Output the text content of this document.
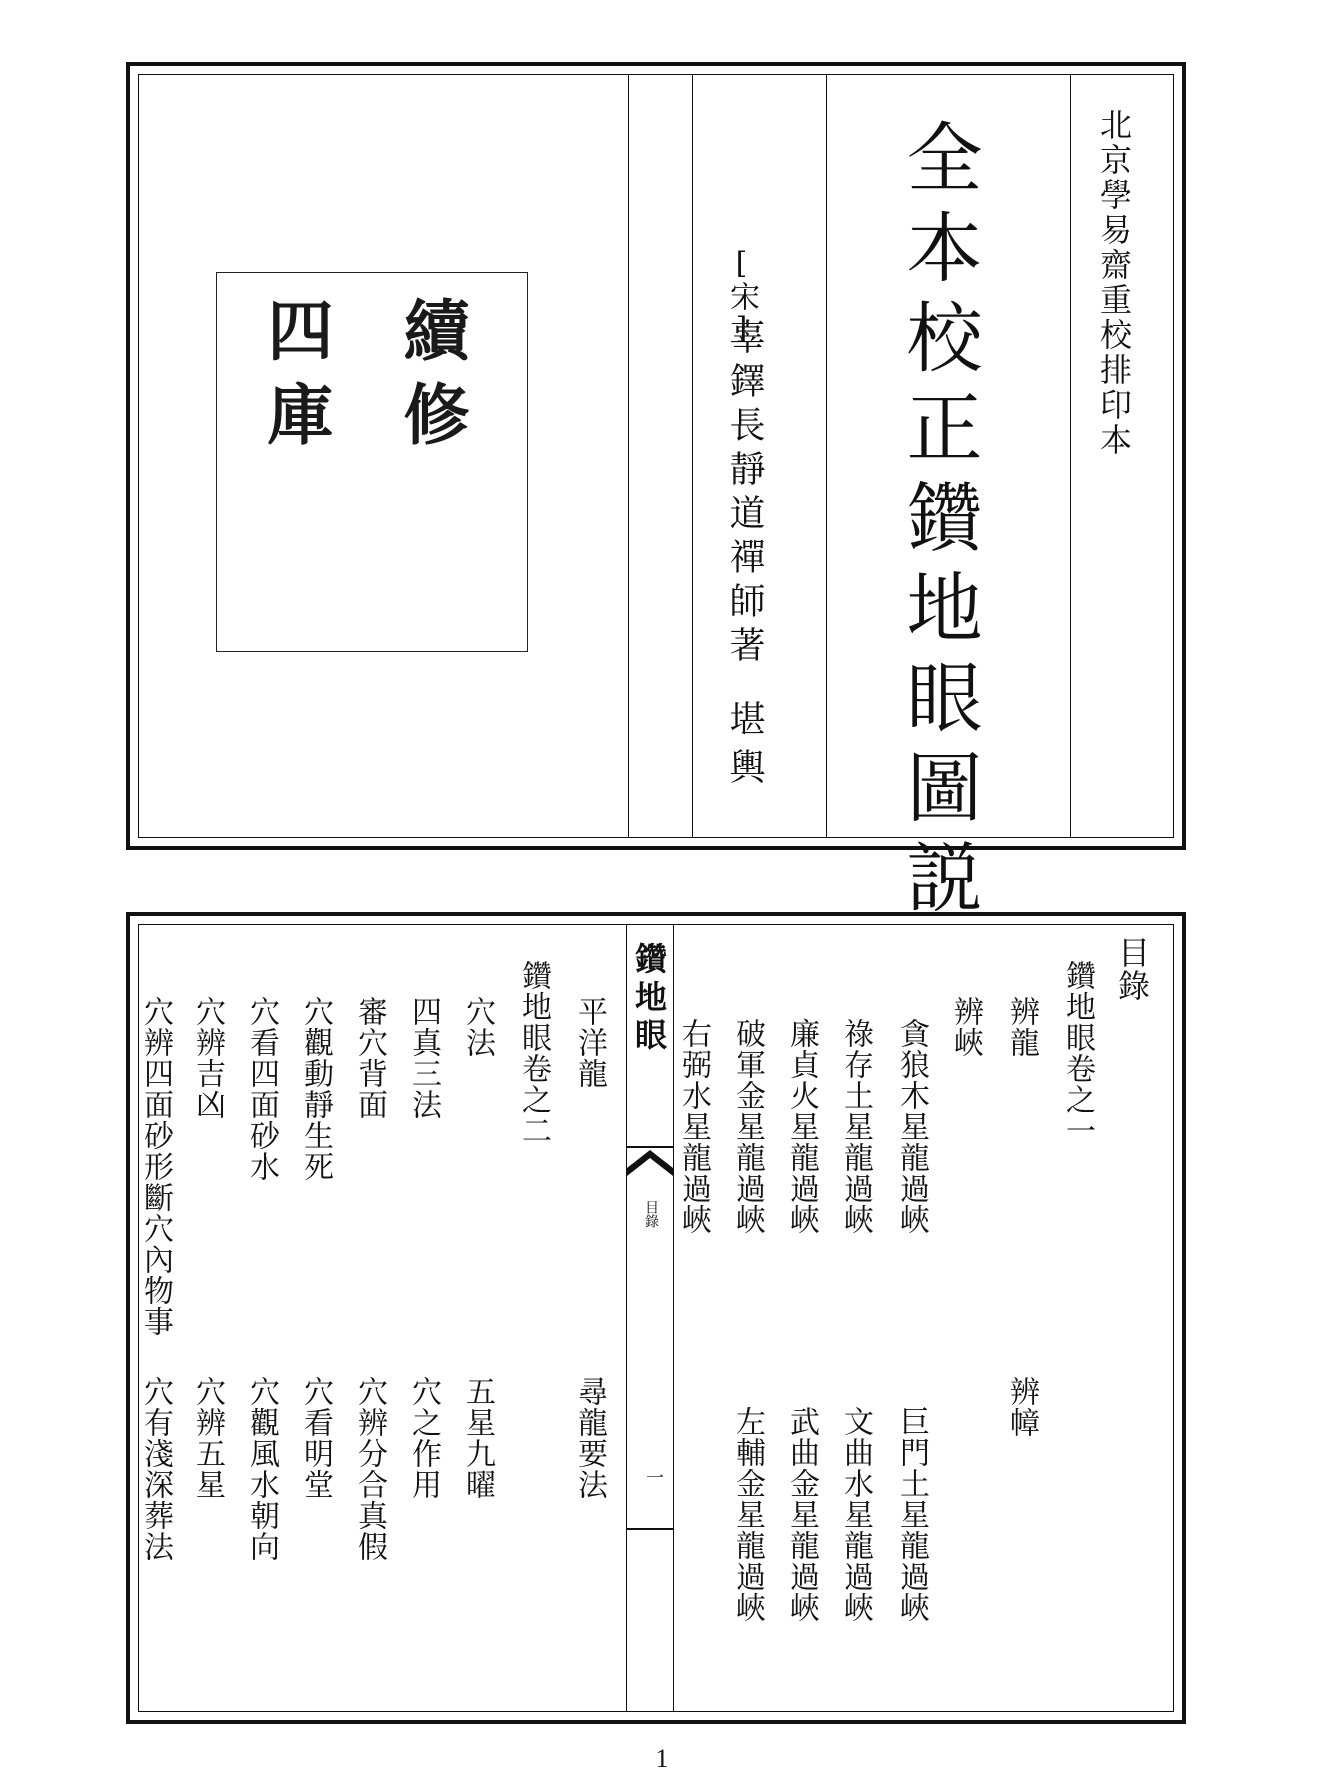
北京學易齋重校排印本
全本校正鑽地眼圖説
[宋]
辜鐸長靜道禪師著
堪輿
續修
四庫
鑽地眼
目錄
一
目錄
鑽地眼卷之一
辨龍
辨峽
辨幛
貪狼木星龍過峽
巨門土星龍過峽
祿存土星龍過峽
文曲水星龍過峽
廉貞火星龍過峽
武曲金星龍過峽
破軍金星龍過峽
左輔金星龍過峽
右弼水星龍過峽
平洋龍
尋龍要法
鑽地眼卷之二
穴法
五星九曜
四真三法
穴之作用
審穴背面
穴辨分合真假
穴觀動靜生死
穴看明堂
穴看四面砂水
穴觀風水朝向
穴辨吉凶
穴辨五星
穴辨四面砂形斷穴內物事
穴有淺深葬法
1
